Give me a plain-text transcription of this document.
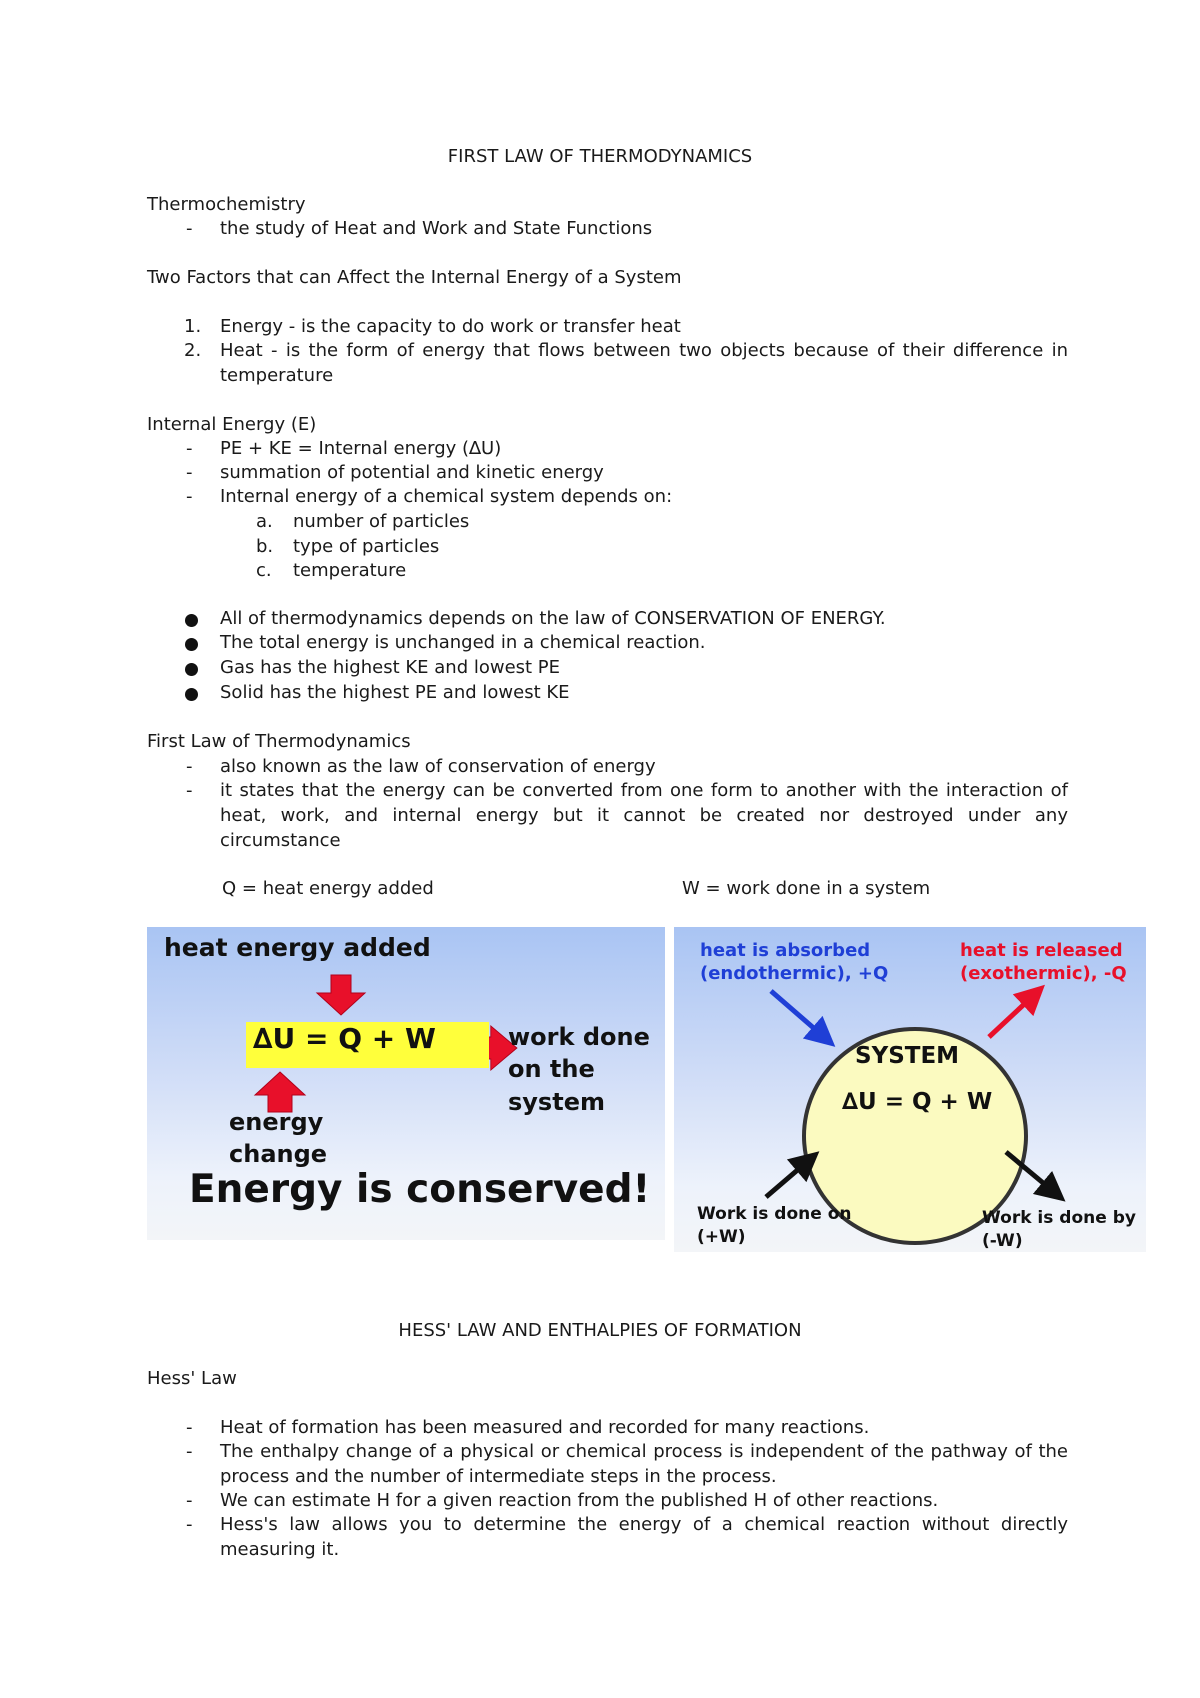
FIRST LAW OF THERMODYNAMICS
Thermochemistry
- the study of Heat and Work and State Functions
Two Factors that can Affect the Internal Energy of a System
1. Energy - is the capacity to do work or transfer heat
2. Heat - is the form of energy that flows between two objects because of their difference in temperature
Internal Energy (E)
- PE + KE = Internal energy (∆U)
- summation of potential and kinetic energy
- Internal energy of a chemical system depends on:
a. number of particles
b. type of particles
c. temperature
All of thermodynamics depends on the law of CONSERVATION OF ENERGY.
The total energy is unchanged in a chemical reaction.
Gas has the highest KE and lowest PE
Solid has the highest PE and lowest KE
First Law of Thermodynamics
- also known as the law of conservation of energy
- it states that the energy can be converted from one form to another with the interaction of heat, work, and internal energy but it cannot be created nor destroyed under any circumstance
Q = heat energy added	W = work done in a system
heat energy added
∆U = Q + W	work done
on the
system
energy
change
Energy is conserved!
heat is absorbed
(endothermic), +Q
heat is released
(exothermic), -Q
SYSTEM
∆U = Q + W
Work is done on
(+W)
Work is done by
(-W)
HESS' LAW AND ENTHALPIES OF FORMATION
Hess' Law
- Heat of formation has been measured and recorded for many reactions.
- The enthalpy change of a physical or chemical process is independent of the pathway of the process and the number of intermediate steps in the process.
- We can estimate H for a given reaction from the published H of other reactions.
- Hess's law allows you to determine the energy of a chemical reaction without directly measuring it.
